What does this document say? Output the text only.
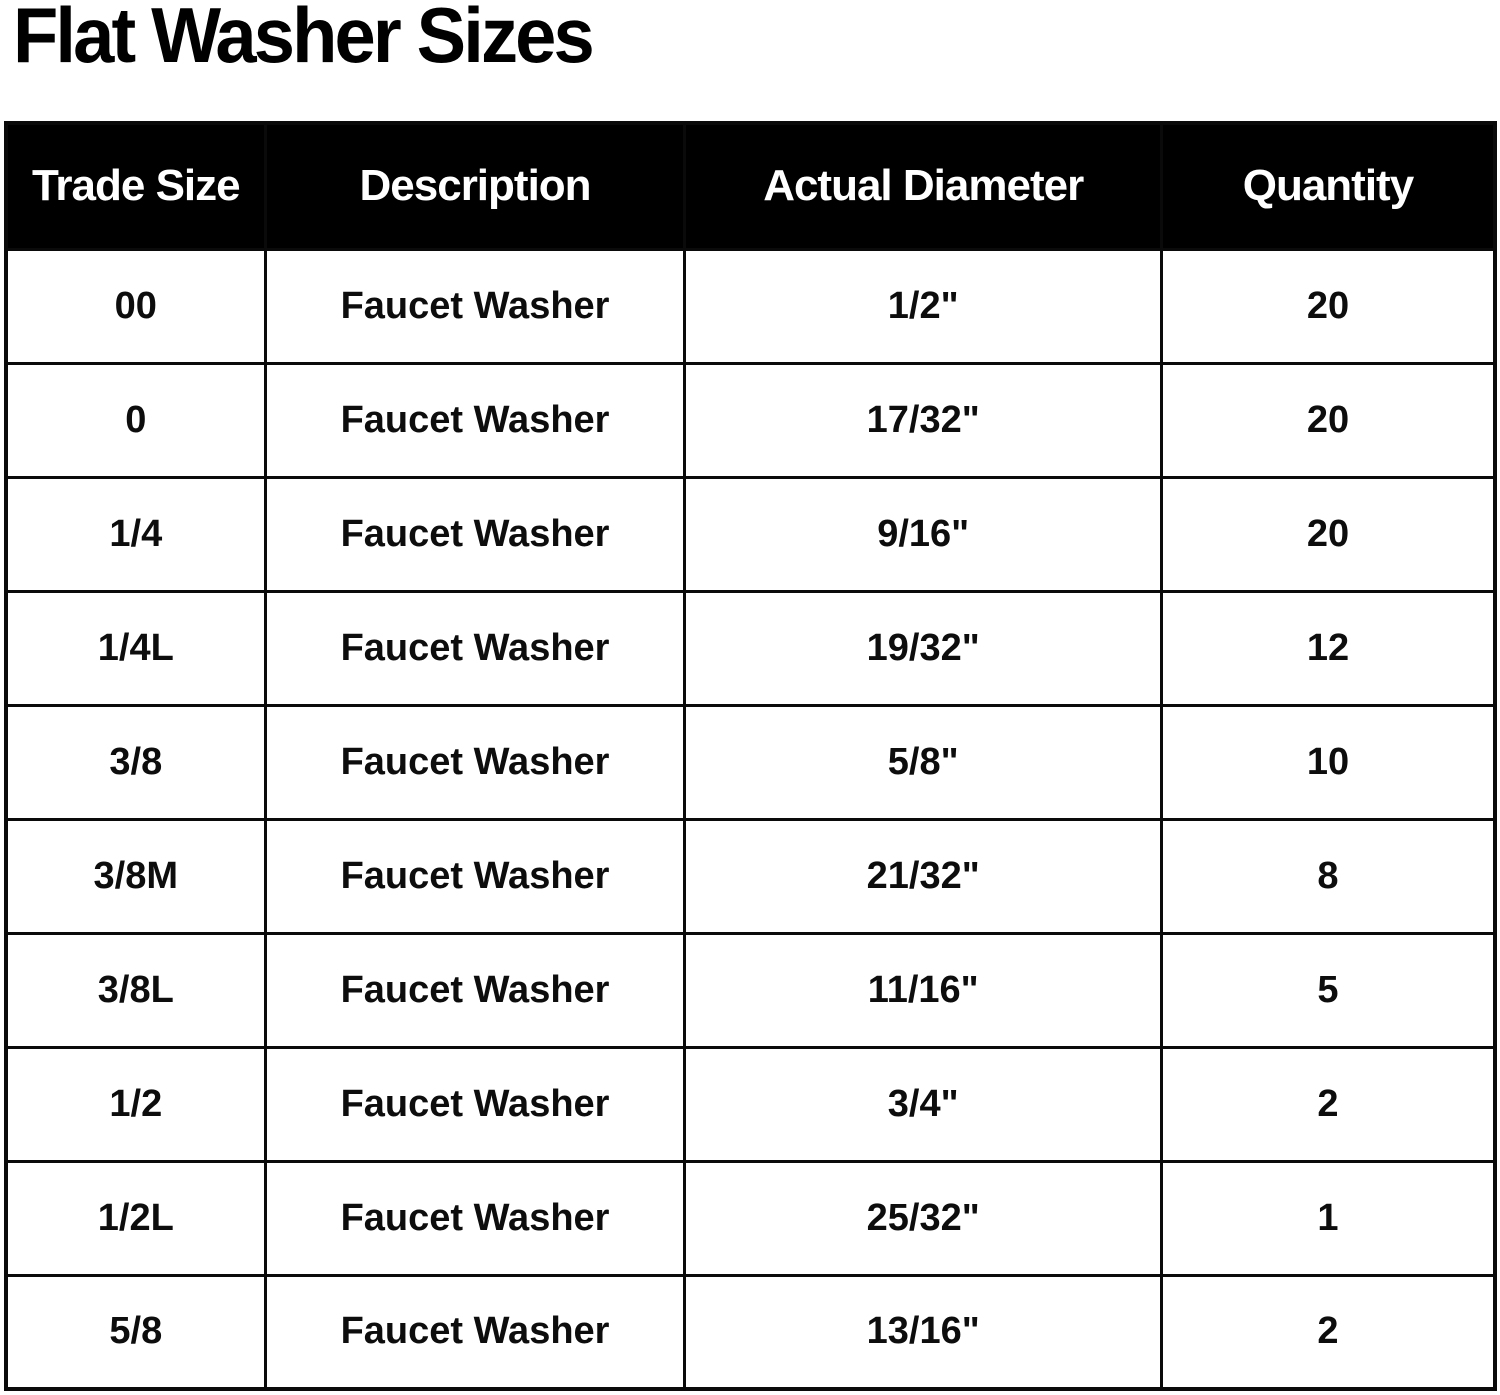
Flat Washer Sizes
Trade Size	Description	Actual Diameter	Quantity
00	Faucet Washer	1/2"	20
0	Faucet Washer	17/32"	20
1/4	Faucet Washer	9/16"	20
1/4L	Faucet Washer	19/32"	12
3/8	Faucet Washer	5/8"	10
3/8M	Faucet Washer	21/32"	8
3/8L	Faucet Washer	11/16"	5
1/2	Faucet Washer	3/4"	2
1/2L	Faucet Washer	25/32"	1
5/8	Faucet Washer	13/16"	2
